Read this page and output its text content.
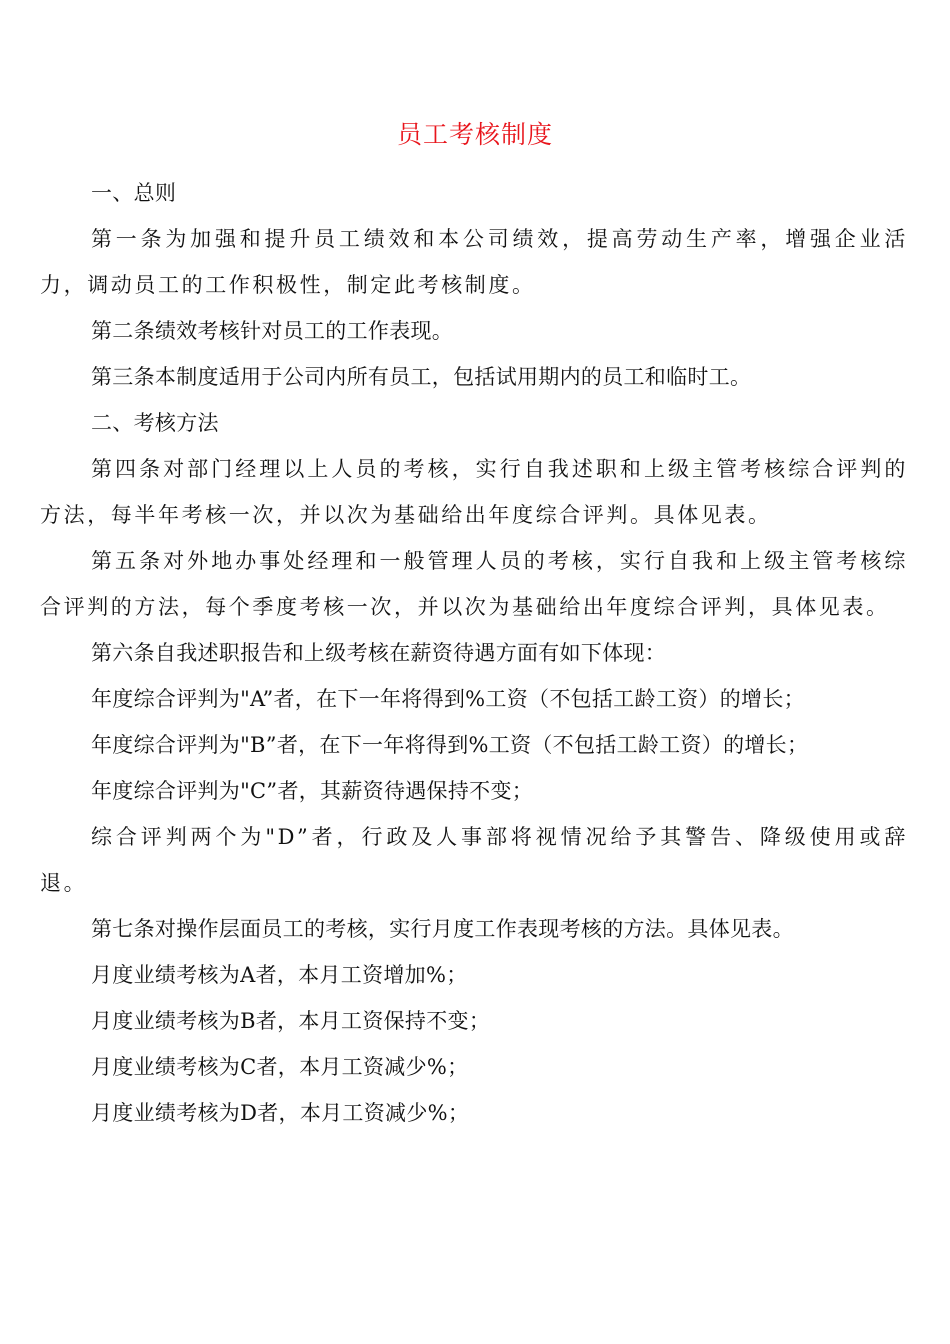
员工考核制度

一、总则

第一条为加强和提升员工绩效和本公司绩效，提高劳动生产率，增强企业活力，调动员工的工作积极性，制定此考核制度。

第二条绩效考核针对员工的工作表现。

第三条本制度适用于公司内所有员工，包括试用期内的员工和临时工。

二、考核方法

第四条对部门经理以上人员的考核，实行自我述职和上级主管考核综合评判的方法，每半年考核一次，并以次为基础给出年度综合评判。具体见表。

第五条对外地办事处经理和一般管理人员的考核，实行自我和上级主管考核综合评判的方法，每个季度考核一次，并以次为基础给出年度综合评判，具体见表。

第六条自我述职报告和上级考核在薪资待遇方面有如下体现：

年度综合评判为"A”者，在下一年将得到%工资（不包括工龄工资）的增长；

年度综合评判为"B”者，在下一年将得到%工资（不包括工龄工资）的增长；

年度综合评判为"C”者，其薪资待遇保持不变；

综合评判两个为"D”者，行政及人事部将视情况给予其警告、降级使用或辞退。

第七条对操作层面员工的考核，实行月度工作表现考核的方法。具体见表。

月度业绩考核为A者，本月工资增加%；

月度业绩考核为B者，本月工资保持不变；

月度业绩考核为C者，本月工资减少%；

月度业绩考核为D者，本月工资减少%；
